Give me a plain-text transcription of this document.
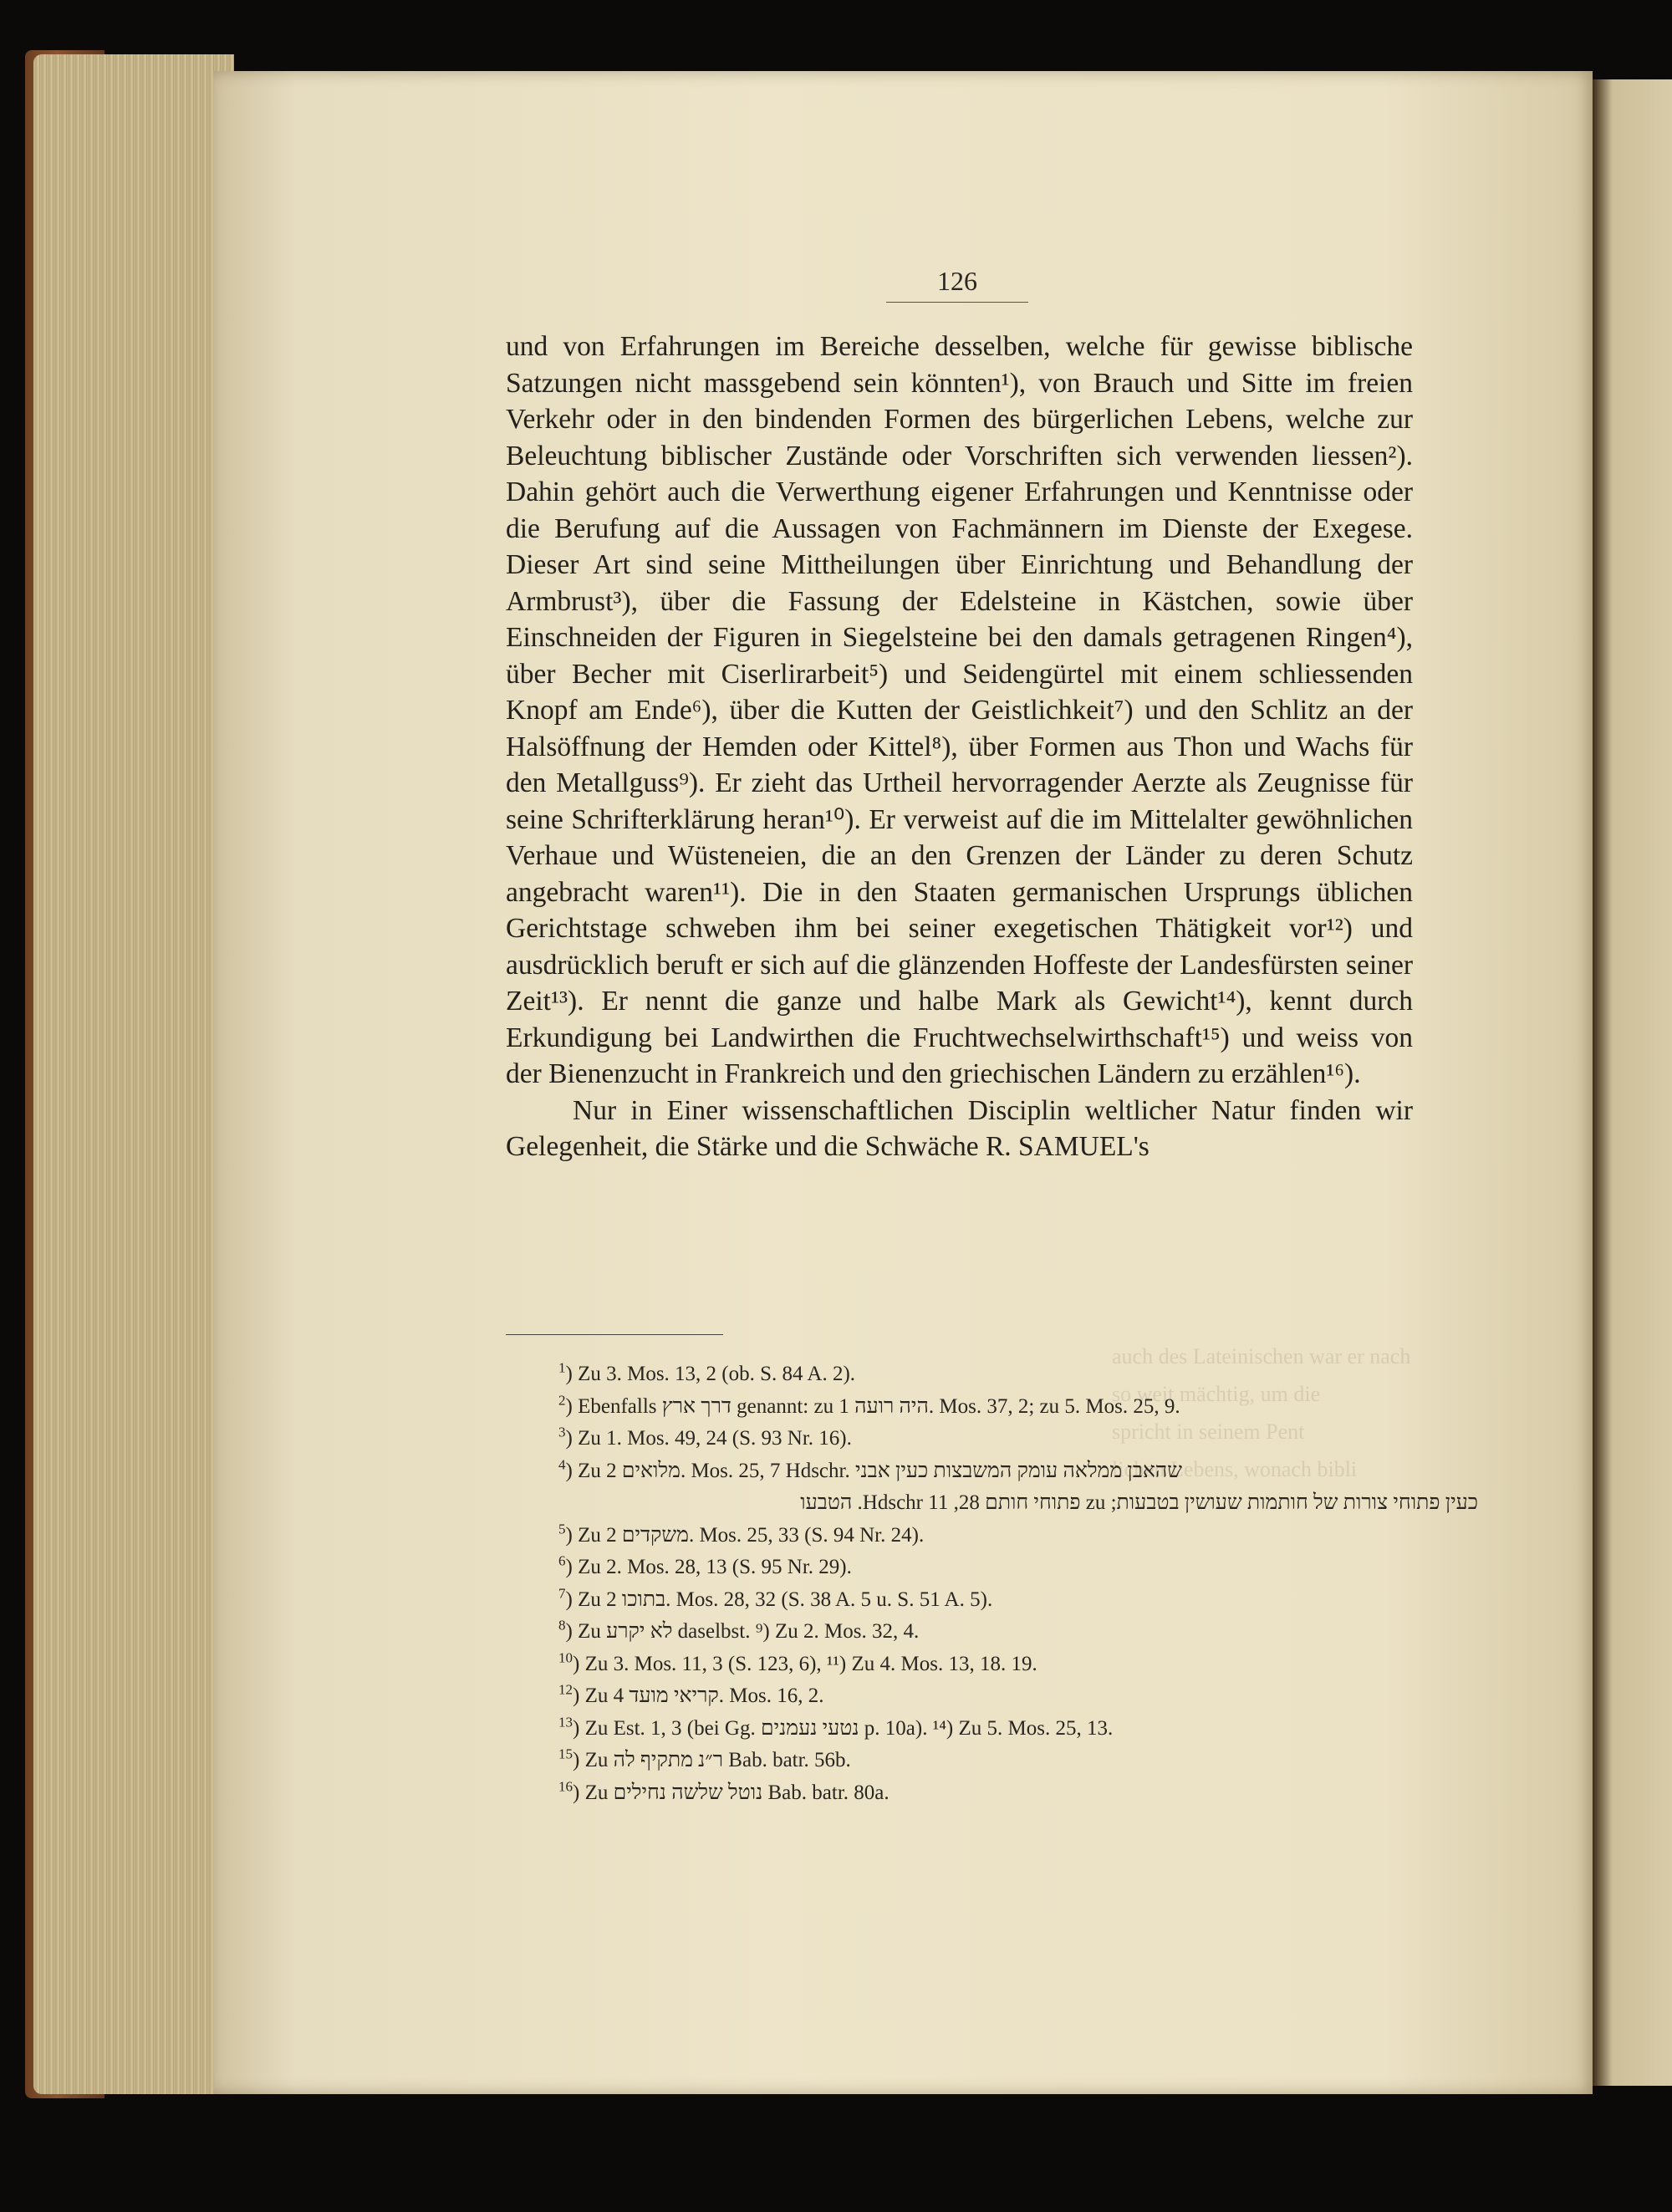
auch des Lateinischen war er nach
so weit mächtig, um die
spricht in seinem Pent
lichen Lebens, wonach bibli
126

und von Erfahrungen im Bereiche desselben, welche für gewisse biblische Satzungen nicht massgebend sein könnten¹), von Brauch und Sitte im freien Verkehr oder in den bindenden Formen des bürgerlichen Lebens, welche zur Beleuchtung biblischer Zustände oder Vorschriften sich verwenden liessen²). Dahin gehört auch die Verwerthung eigener Erfahrungen und Kenntnisse oder die Berufung auf die Aussagen von Fachmännern im Dienste der Exegese. Dieser Art sind seine Mittheilungen über Einrichtung und Behandlung der Armbrust³), über die Fassung der Edelsteine in Kästchen, sowie über Einschneiden der Figuren in Siegelsteine bei den damals getragenen Ringen⁴), über Becher mit Ciserlirarbeit⁵) und Seidengürtel mit einem schliessenden Knopf am Ende⁶), über die Kutten der Geistlichkeit⁷) und den Schlitz an der Halsöffnung der Hemden oder Kittel⁸), über Formen aus Thon und Wachs für den Metallguss⁹). Er zieht das Urtheil hervorragender Aerzte als Zeugnisse für seine Schrifterklärung heran¹⁰). Er verweist auf die im Mittelalter gewöhnlichen Verhaue und Wüsteneien, die an den Grenzen der Länder zu deren Schutz angebracht waren¹¹). Die in den Staaten germanischen Ursprungs üblichen Gerichtstage schweben ihm bei seiner exegetischen Thätigkeit vor¹²) und ausdrücklich beruft er sich auf die glänzenden Hoffeste der Landesfürsten seiner Zeit¹³). Er nennt die ganze und halbe Mark als Gewicht¹⁴), kennt durch Erkundigung bei Landwirthen die Fruchtwechselwirthschaft¹⁵) und weiss von der Bienenzucht in Frankreich und den griechischen Ländern zu erzählen¹⁶).

Nur in Einer wissenschaftlichen Disciplin weltlicher Natur finden wir Gelegenheit, die Stärke und die Schwäche R. SAMUEL's

$^1$) Zu 3. Mos. 13, 2 (ob. S. 84 A. 2).
$^2$) Ebenfalls דרך ארץ genannt: zu היה רועה 1. Mos. 37, 2; zu 5. Mos. 25, 9.
$^3$) Zu 1. Mos. 49, 24 (S. 93 Nr. 16).
$^4$) Zu מלואים 2. Mos. 25, 7 Hdschr. שהאבן ממלאה עומק המשבצות כעין אבני
כעין פתוחי צורות של חותמות שעושין בטבעות; zu פתוחי חותם 28, 11 Hdschr. הטבעו
$^5$) Zu משקדים 2. Mos. 25, 33 (S. 94 Nr. 24).
$^6$) Zu 2. Mos. 28, 13 (S. 95 Nr. 29).
$^7$) Zu בתוכו 2. Mos. 28, 32 (S. 38 A. 5 u. S. 51 A. 5).
$^8$) Zu לא יקרע daselbst. ⁹) Zu 2. Mos. 32, 4.
$^{10}$) Zu 3. Mos. 11, 3 (S. 123, 6), ¹¹) Zu 4. Mos. 13, 18. 19.
$^{12}$) Zu קריאי מועד 4. Mos. 16, 2.
$^{13}$) Zu Est. 1, 3 (bei Gg. נטעי נעמנים p. 10a). ¹⁴) Zu 5. Mos. 25, 13.
$^{15}$) Zu ר״נ מתקיף לה Bab. batr. 56b.
$^{16}$) Zu נוטל שלשה נחילים Bab. batr. 80a.
